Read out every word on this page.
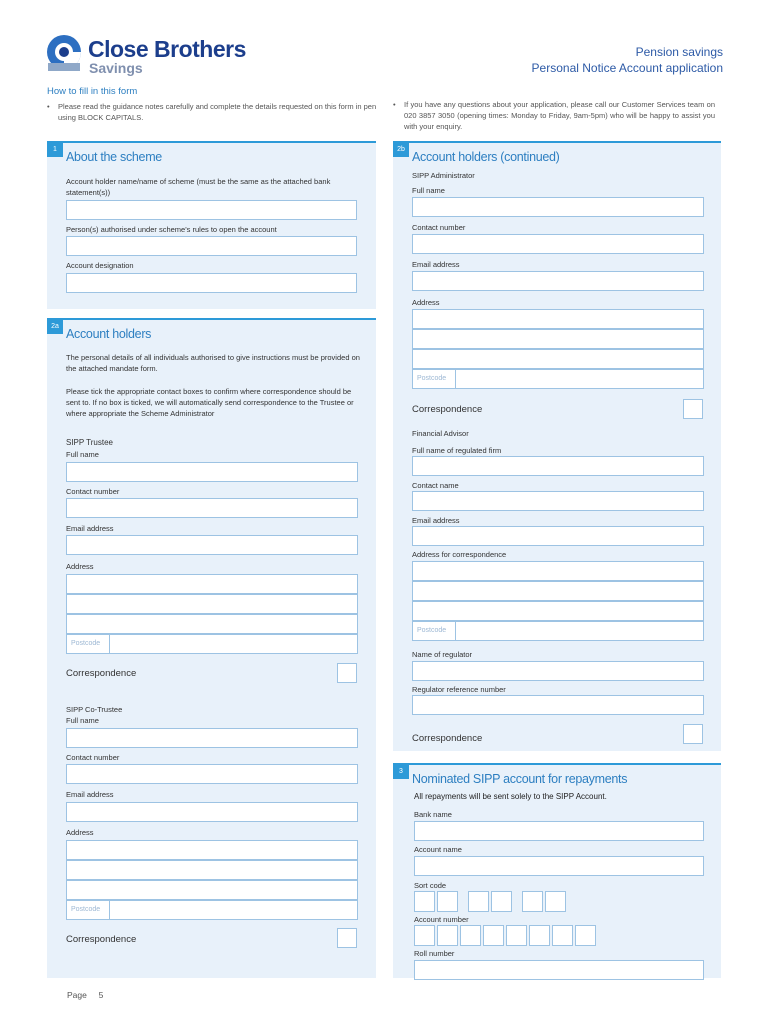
Close Brothers
Savings
Pension savings
Personal Notice Account application
How to fill in this form
• Please read the guidance notes carefully and complete the details requested on this form in pen using BLOCK CAPITALS.
• If you have any questions about your application, please call our Customer Services team on 020 3857 3050 (opening times: Monday to Friday, 9am-5pm) who will be happy to assist you with your enquiry.
1
About the scheme
Account holder name/name of scheme (must be the same as the attached bank statement(s))
Person(s) authorised under scheme's rules to open the account
Account designation
2a
Account holders
The personal details of all individuals authorised to give instructions must be provided on the attached mandate form.
Please tick the appropriate contact boxes to confirm where correspondence should be sent to. If no box is ticked, we will automatically send correspondence to the Trustee or where appropriate the Scheme Administrator
SIPP Trustee
Full name
Contact number
Email address
Address
Postcode
Correspondence
SIPP Co-Trustee
Full name
Contact number
Email address
Address
Postcode
Correspondence
2b
Account holders (continued)
SIPP Administrator
Full name
Contact number
Email address
Address
Postcode
Correspondence
Financial Advisor
Full name of regulated firm
Contact name
Email address
Address for correspondence
Postcode
Name of regulator
Regulator reference number
Correspondence
3
Nominated SIPP account for repayments
All repayments will be sent solely to the SIPP Account.
Bank name
Account name
Sort code
Account number
Roll number
Page 5
